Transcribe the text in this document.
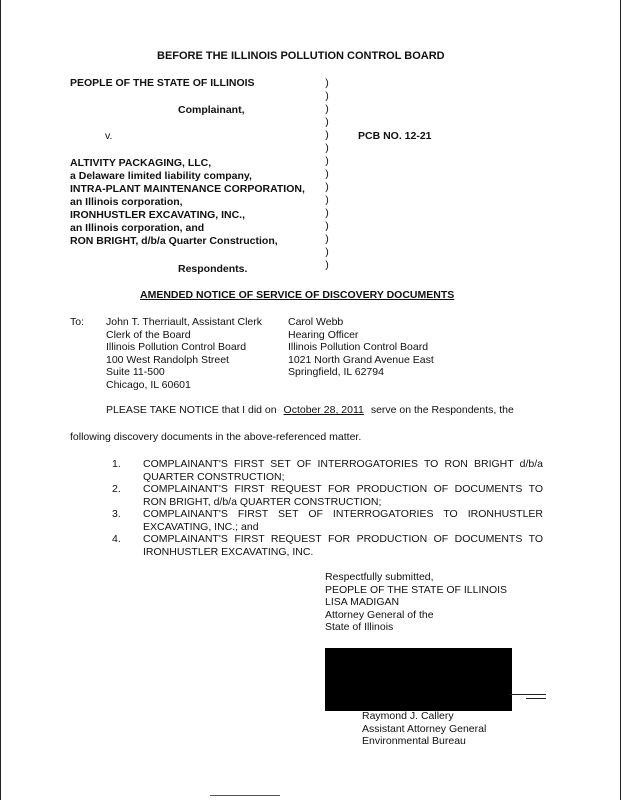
BEFORE THE ILLINOIS POLLUTION CONTROL BOARD
PEOPLE OF THE STATE OF ILLINOIS
Complainant,
v.	PCB NO. 12-21
ALTIVITY PACKAGING, LLC,
a Delaware limited liability company,
INTRA-PLANT MAINTENANCE CORPORATION,
an Illinois corporation,
IRONHUSTLER EXCAVATING, INC.,
an Illinois corporation, and
RON BRIGHT, d/b/a Quarter Construction,
Respondents.
)
)
)
)
)
)
)
)
)
)
)
)
)
)
)
AMENDED NOTICE OF SERVICE OF DISCOVERY DOCUMENTS
To: John T. Therriault, Assistant Clerk
Clerk of the Board
Illinois Pollution Control Board
100 West Randolph Street
Suite 11-500
Chicago, IL 60601
Carol Webb
Hearing Officer
Illinois Pollution Control Board
1021 North Grand Avenue East
Springfield, IL 62794
PLEASE TAKE NOTICE that I did on October 28, 2011 serve on the Respondents, the
following discovery documents in the above-referenced matter.
1. COMPLAINANT'S FIRST SET OF INTERROGATORIES TO RON BRIGHT d/b/a QUARTER CONSTRUCTION;
2. COMPLAINANT'S FIRST REQUEST FOR PRODUCTION OF DOCUMENTS TO RON BRIGHT, d/b/a QUARTER CONSTRUCTION;
3. COMPLAINANT'S FIRST SET OF INTERROGATORIES TO IRONHUSTLER EXCAVATING, INC.; and
4. COMPLAINANT'S FIRST REQUEST FOR PRODUCTION OF DOCUMENTS TO IRONHUSTLER EXCAVATING, INC.
Respectfully submitted,
PEOPLE OF THE STATE OF ILLINOIS
LISA MADIGAN
Attorney General of the
State of Illinois
Raymond J. Callery
Assistant Attorney General
Environmental Bureau
